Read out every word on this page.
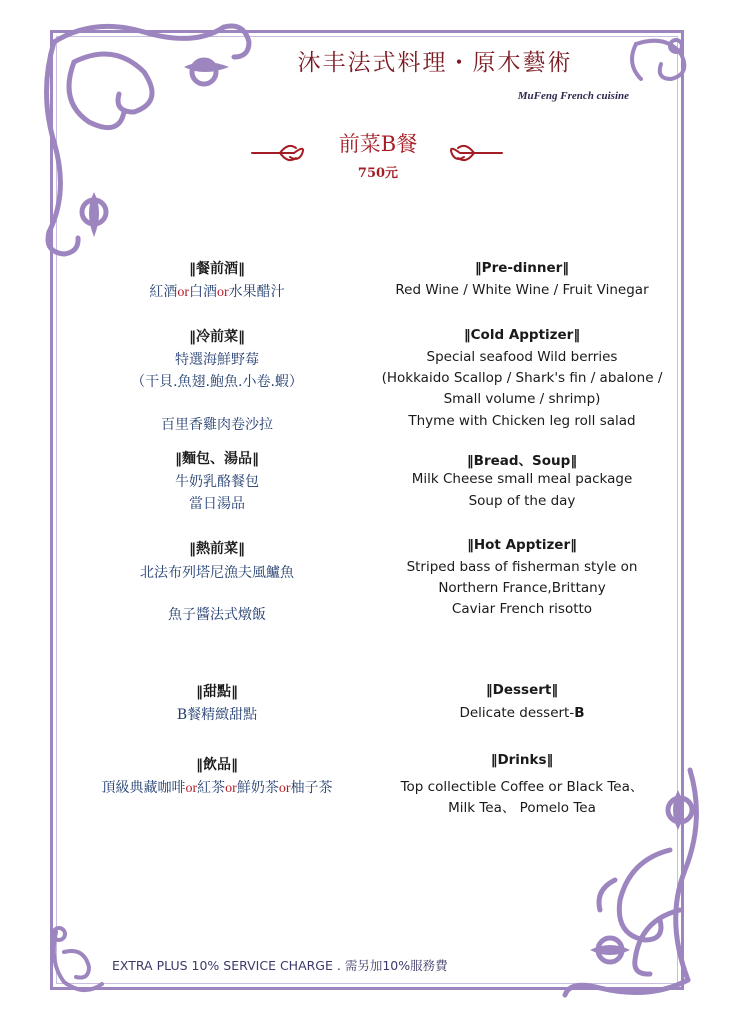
沐丰法式料理・原木藝術
MuFeng French cuisine
前菜B餐
750元
‖餐前酒‖
紅酒or白酒or水果醋汁
‖冷前菜‖
特選海鮮野莓
（干貝.魚翅.鮑魚.小卷.蝦）
百里香雞肉卷沙拉
‖麵包、湯品‖
牛奶乳酪餐包
當日湯品
‖熱前菜‖
北法布列塔尼漁夫風鱸魚
魚子醬法式燉飯
‖甜點‖
B餐精緻甜點
‖飲品‖
頂級典藏咖啡or紅茶or鮮奶茶or柚子茶
‖Pre-dinner‖
Red Wine / White Wine / Fruit Vinegar
‖Cold Apptizer‖
Special seafood Wild berries
(Hokkaido Scallop / Shark's fin / abalone /
Small volume / shrimp)
Thyme with Chicken leg roll salad
‖Bread、Soup‖
Milk Cheese small meal package
Soup of the day
‖Hot Apptizer‖
Striped bass of fisherman style on
Northern France,Brittany
Caviar French risotto
‖Dessert‖
Delicate dessert-B
‖Drinks‖
Top collectible Coffee or Black Tea、
Milk Tea、 Pomelo Tea
EXTRA PLUS 10% SERVICE CHARGE . 需另加10%服務費
